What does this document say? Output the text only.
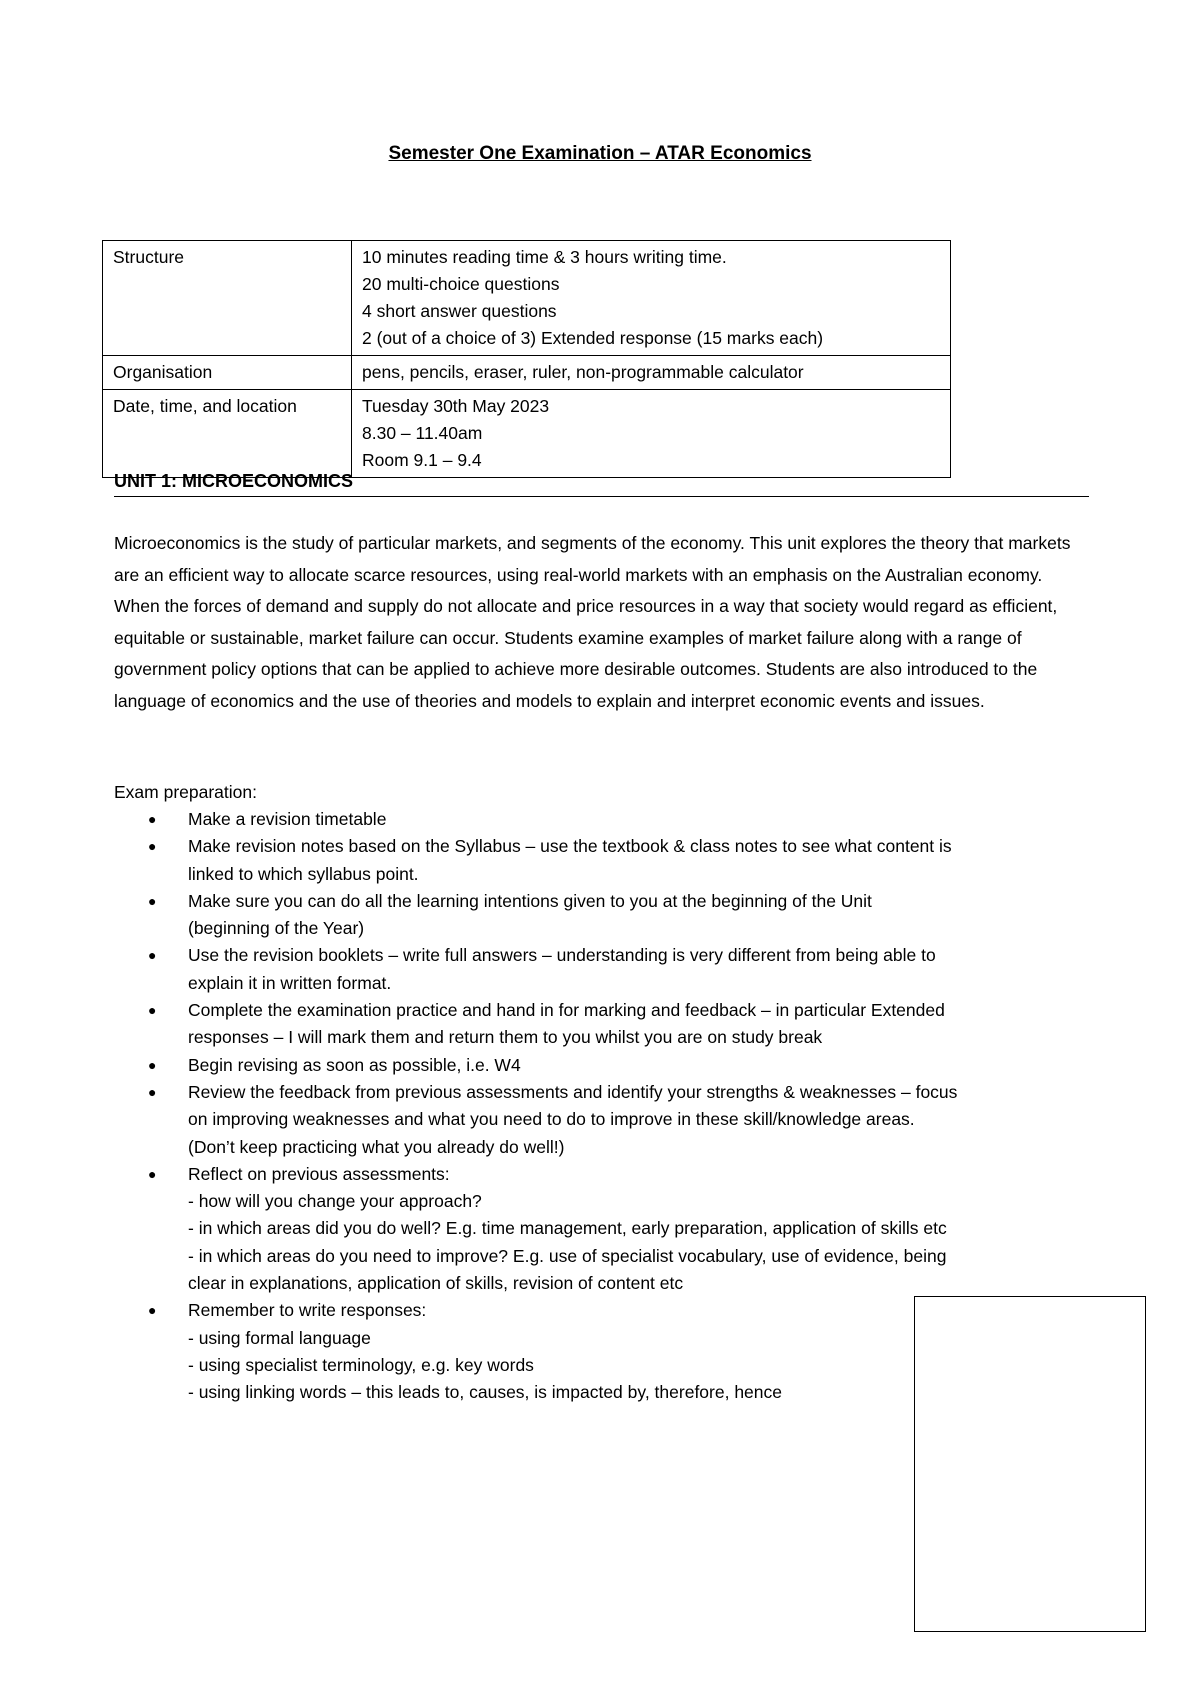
Semester One Examination – ATAR Economics
Structure	10 minutes reading time & 3 hours writing time.
20 multi-choice questions
4 short answer questions
2 (out of a choice of 3) Extended response (15 marks each)

Organisation	pens, pencils, eraser, ruler, non-programmable calculator

Date, time, and location	Tuesday 30th May 2023
8.30 – 11.40am
Room 9.1 – 9.4
UNIT 1: MICROECONOMICS

Microeconomics is the study of particular markets, and segments of the economy. This unit explores the theory that markets are an efficient way to allocate scarce resources, using real-world markets with an emphasis on the Australian economy. When the forces of demand and supply do not allocate and price resources in a way that society would regard as efficient, equitable or sustainable, market failure can occur. Students examine examples of market failure along with a range of government policy options that can be applied to achieve more desirable outcomes. Students are also introduced to the language of economics and the use of theories and models to explain and interpret economic events and issues.

Exam preparation:
● Make a revision timetable
● Make revision notes based on the Syllabus – use the textbook & class notes to see what content is
linked to which syllabus point.
● Make sure you can do all the learning intentions given to you at the beginning of the Unit
(beginning of the Year)
● Use the revision booklets – write full answers – understanding is very different from being able to
explain it in written format.
● Complete the examination practice and hand in for marking and feedback – in particular Extended
responses – I will mark them and return them to you whilst you are on study break
● Begin revising as soon as possible, i.e. W4
● Review the feedback from previous assessments and identify your strengths & weaknesses – focus
on improving weaknesses and what you need to do to improve in these skill/knowledge areas.
(Don’t keep practicing what you already do well!)
● Reflect on previous assessments:
- how will you change your approach?
- in which areas did you do well? E.g. time management, early preparation, application of skills etc
- in which areas do you need to improve? E.g. use of specialist vocabulary, use of evidence, being
clear in explanations, application of skills, revision of content etc
● Remember to write responses:
- using formal language
- using specialist terminology, e.g. key words
- using linking words – this leads to, causes, is impacted by, therefore, hence
